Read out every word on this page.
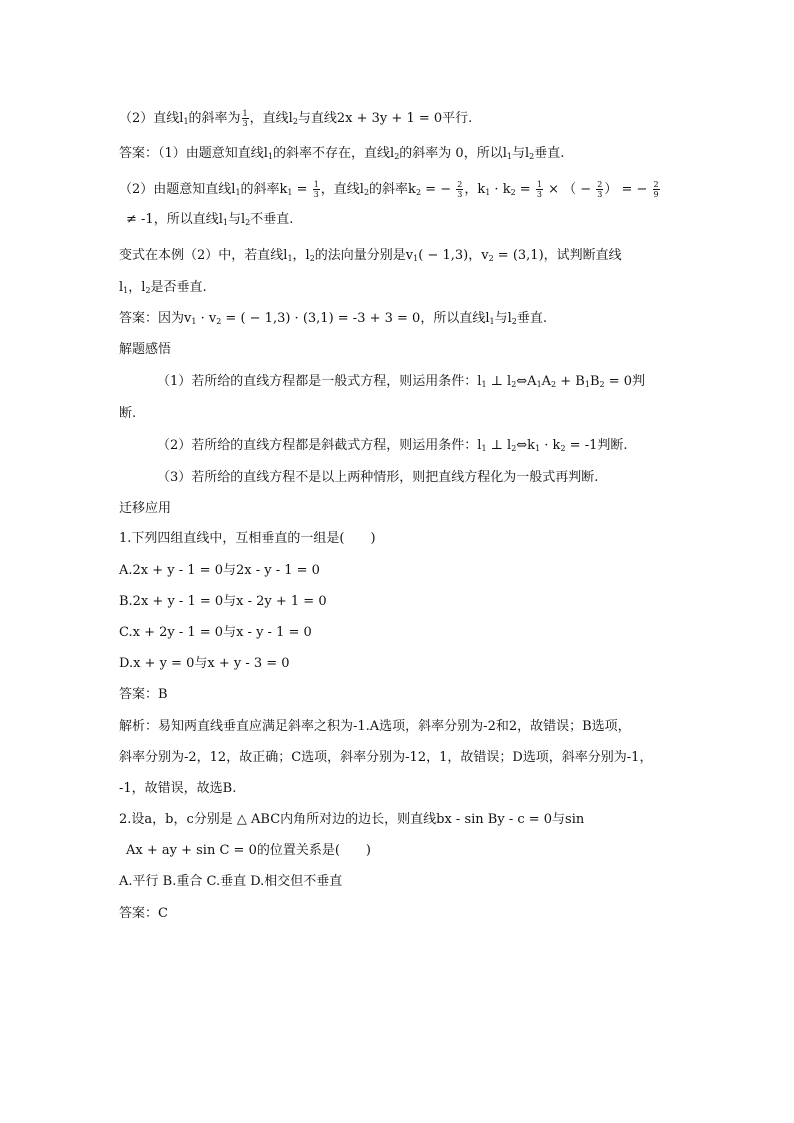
（2）直线$l_1$的斜率为 $\frac{1}{3}$ ，直线$l_2$与直线2x + 3y + 1 = 0平行.
答案：（1）由题意知直线$l_1$的斜率不存在，直线$l_2$的斜率为 0，所以$l_1$与$l_2$垂直.
（2）由题意知直线$l_1$的斜率$k_1 = \frac{1}{3}$ ，直线$l_2$的斜率$k_2$ = − $\frac{2}{3}$ ，$k_1 \cdot k_2 = \frac{1}{3}$ × （ − $\frac{2}{3}$ ） = − $\frac{2}{9}$
≠ -1，所以直线$l_1$与$l_2$不垂直.
变式在本例（2）中，若直线$l_1$，$l_2$的法向量分别是$v_1( - 1,3)$，$v_2 = (3,1)$，试判断直线
$l_1$，$l_2$是否垂直.
答案：因为$v_1 \cdot v_2$ = ( − 1,3) · (3,1) = -3 + 3 = 0，所以直线$l_1$与$l_2$垂直.
解题感悟
（1）若所给的直线方程都是一般式方程，则运用条件：$l_1$ ⊥ $l_2\Leftrightarrow A_1A_2 + B_1B_2 = 0$判
断.
（2）若所给的直线方程都是斜截式方程，则运用条件：$l_1$ ⊥ $l_2\Leftrightarrow k_1 \cdot k_2 = -1$判断.
（3）若所给的直线方程不是以上两种情形，则把直线方程化为一般式再判断.
迁移应用
1.下列四组直线中，互相垂直的一组是(　　)
A.2x + y - 1 = 0与2x - y - 1 = 0
B.2x + y - 1 = 0与x - 2y + 1 = 0
C.x + 2y - 1 = 0与x - y - 1 = 0
D.x + y = 0与x + y - 3 = 0
答案：B
解析：易知两直线垂直应满足斜率之积为-1.A选项，斜率分别为-2和2，故错误；B选项，
斜率分别为-2，12，故正确；C选项，斜率分别为-12，1，故错误；D选项，斜率分别为-1，
-1，故错误，故选B.
2.设a，b，c分别是 △ ABC内角所对边的边长，则直线bx - sin By - c = 0与sin
Ax + ay + sin C = 0的位置关系是(　　)
A.平行 B.重合 C.垂直 D.相交但不垂直
答案：C
